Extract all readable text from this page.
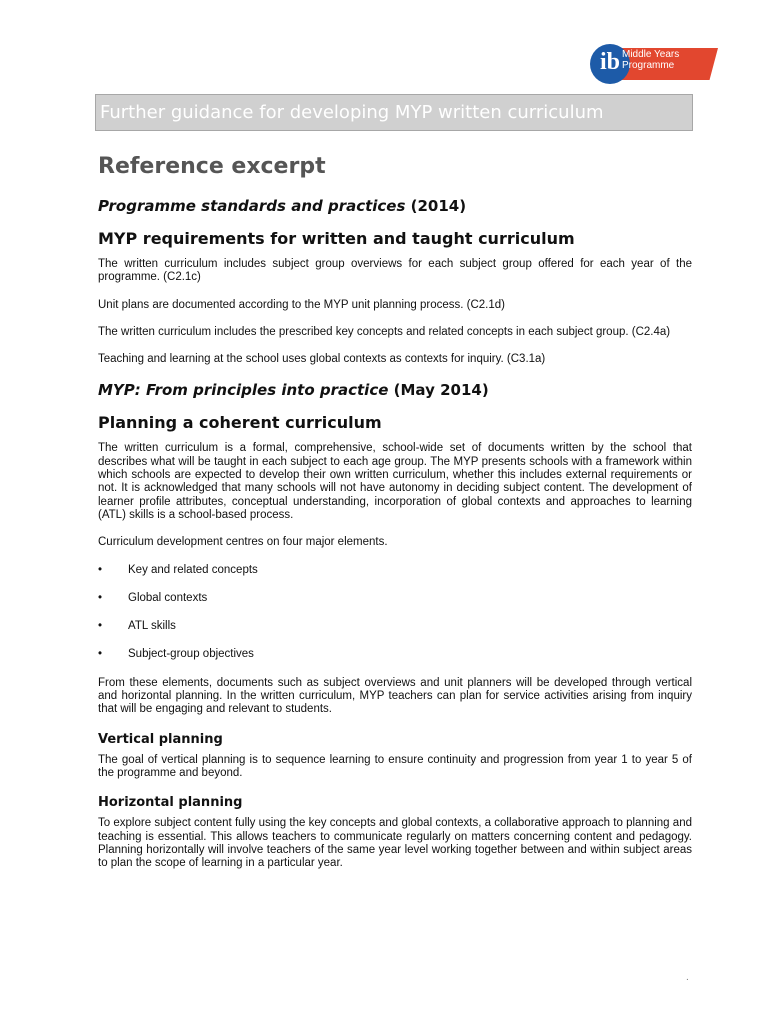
ib Middle Years
Programme
Further guidance for developing MYP written curriculum
Reference excerpt
Programme standards and practices (2014)
MYP requirements for written and taught curriculum

The written curriculum includes subject group overviews for each subject group offered for each year of the programme. (C2.1c)

Unit plans are documented according to the MYP unit planning process. (C2.1d)

The written curriculum includes the prescribed key concepts and related concepts in each subject group. (C2.4a)

Teaching and learning at the school uses global contexts as contexts for inquiry. (C3.1a)

MYP: From principles into practice (May 2014)
Planning a coherent curriculum

The written curriculum is a formal, comprehensive, school-wide set of documents written by the school that describes what will be taught in each subject to each age group. The MYP presents schools with a framework within which schools are expected to develop their own written curriculum, whether this includes external requirements or not. It is acknowledged that many schools will not have autonomy in deciding subject content. The development of learner profile attributes, conceptual understanding, incorporation of global contexts and approaches to learning (ATL) skills is a school-based process.

Curriculum development centres on four major elements.

• Key and related concepts
• Global contexts
• ATL skills
• Subject-group objectives

From these elements, documents such as subject overviews and unit planners will be developed through vertical and horizontal planning. In the written curriculum, MYP teachers can plan for service activities arising from inquiry that will be engaging and relevant to students.

Vertical planning

The goal of vertical planning is to sequence learning to ensure continuity and progression from year 1 to year 5 of the programme and beyond.

Horizontal planning

To explore subject content fully using the key concepts and global contexts, a collaborative approach to planning and teaching is essential. This allows teachers to communicate regularly on matters concerning content and pedagogy. Planning horizontally will involve teachers of the same year level working together between and within subject areas to plan the scope of learning in a particular year.

.
